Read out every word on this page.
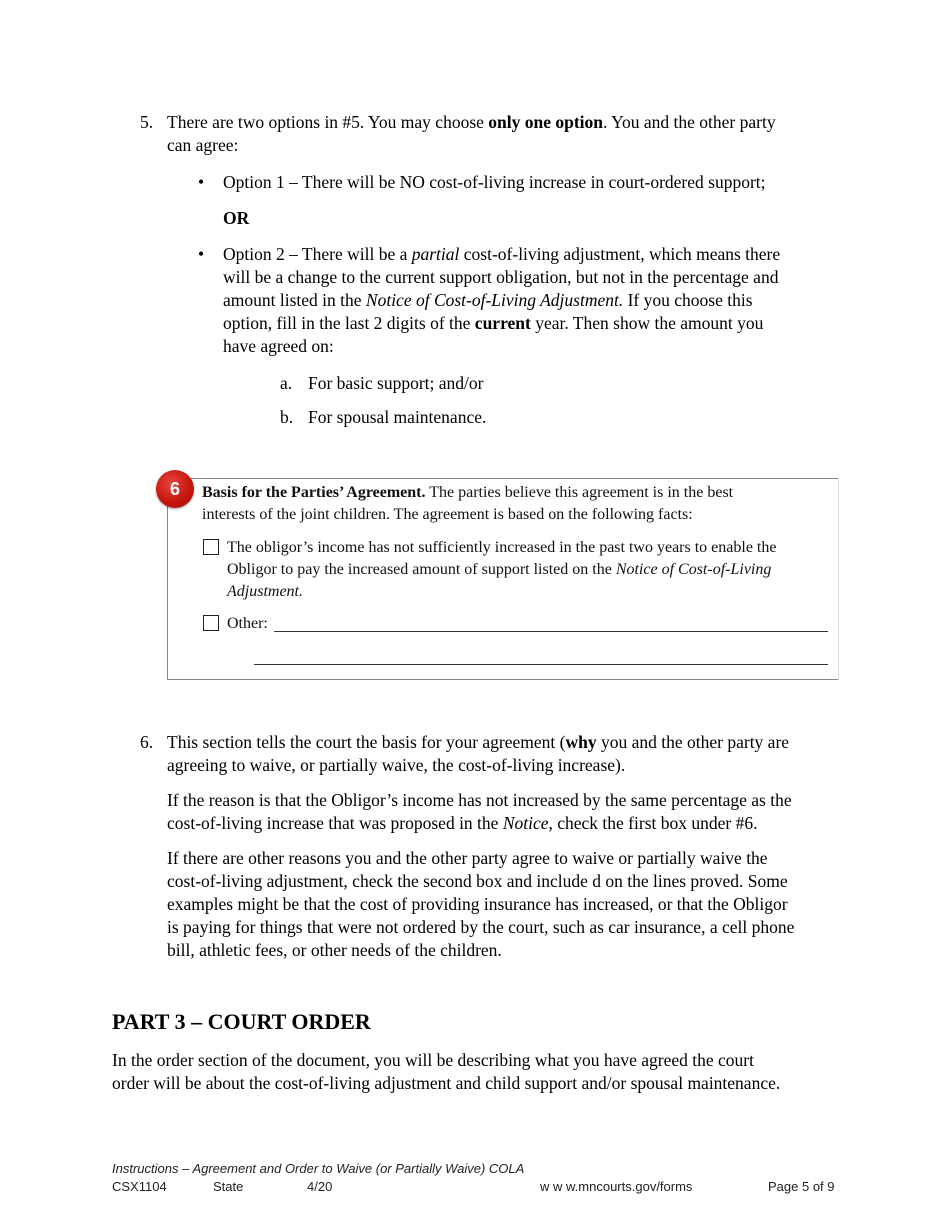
5. There are two options in #5. You may choose only one option. You and the other party

can agree:

• Option 1 – There will be NO cost-of-living increase in court-ordered support;

OR

• Option 2 – There will be a partial cost-of-living adjustment, which means there

will be a change to the current support obligation, but not in the percentage and

amount listed in the Notice of Cost-of-Living Adjustment. If you choose this

option, fill in the last 2 digits of the current year. Then show the amount you

have agreed on:

a. For basic support; and/or

b. For spousal maintenance.

6	Basis for the Parties’ Agreement. The parties believe this agreement is in the best
interests of the joint children. The agreement is based on the following facts:
The obligor’s income has not sufficiently increased in the past two years to enable the
Obligor to pay the increased amount of support listed on the Notice of Cost-of-Living
Adjustment.
Other:
6. This section tells the court the basis for your agreement (why you and the other party are

agreeing to waive, or partially waive, the cost-of-living increase).

If the reason is that the Obligor’s income has not increased by the same percentage as the

cost-of-living increase that was proposed in the Notice, check the first box under #6.

If there are other reasons you and the other party agree to waive or partially waive the

cost-of-living adjustment, check the second box and include d on the lines proved. Some

examples might be that the cost of providing insurance has increased, or that the Obligor

is paying for things that were not ordered by the court, such as car insurance, a cell phone

bill, athletic fees, or other needs of the children.

PART 3 – COURT ORDER

In the order section of the document, you will be describing what you have agreed the court

order will be about the cost-of-living adjustment and child support and/or spousal maintenance.

Instructions – Agreement and Order to Waive (or Partially Waive) COLA
CSX1104	State	4/20	w w w.mncourts.gov/forms	Page 5 of 9
